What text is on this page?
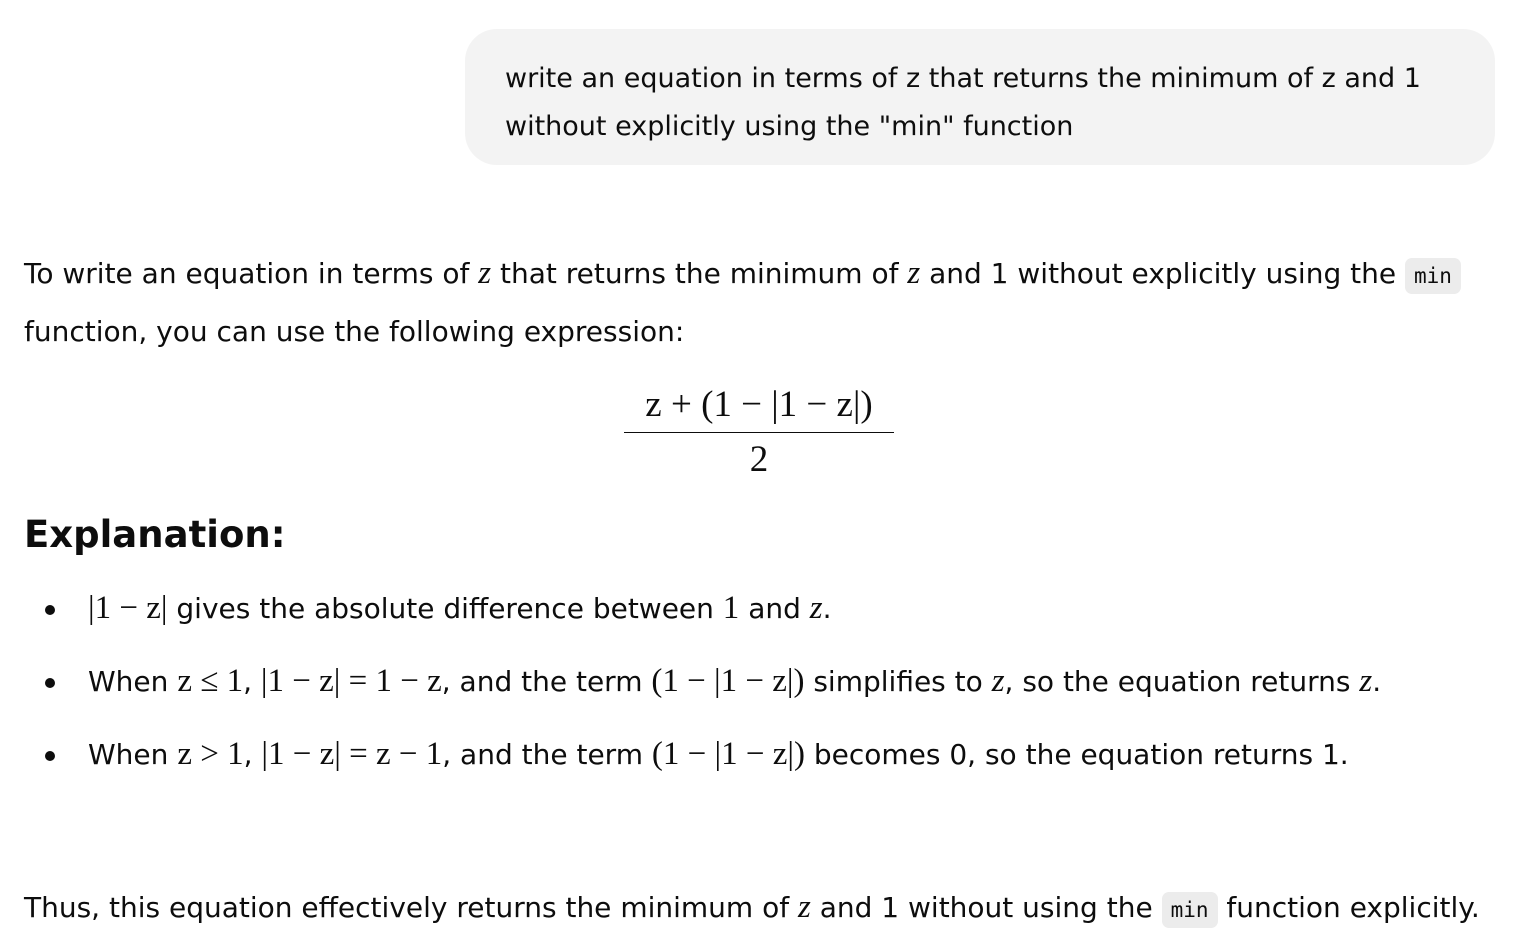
write an equation in terms of z that returns the minimum of z and 1 without explicitly using the "min" function

To write an equation in terms of z that returns the minimum of z and 1 without explicitly using the min function, you can use the following expression:

$\frac{z + (1 - |1 - z|)}{2}$
Explanation:
|1 − z| gives the absolute difference between 1 and z.
When z ≤ 1, |1 − z| = 1 − z, and the term (1 − |1 − z|) simplifies to z, so the equation returns z.
When z > 1, |1 − z| = z − 1, and the term (1 − |1 − z|) becomes 0, so the equation returns 1.

Thus, this equation effectively returns the minimum of z and 1 without using the min function explicitly.
